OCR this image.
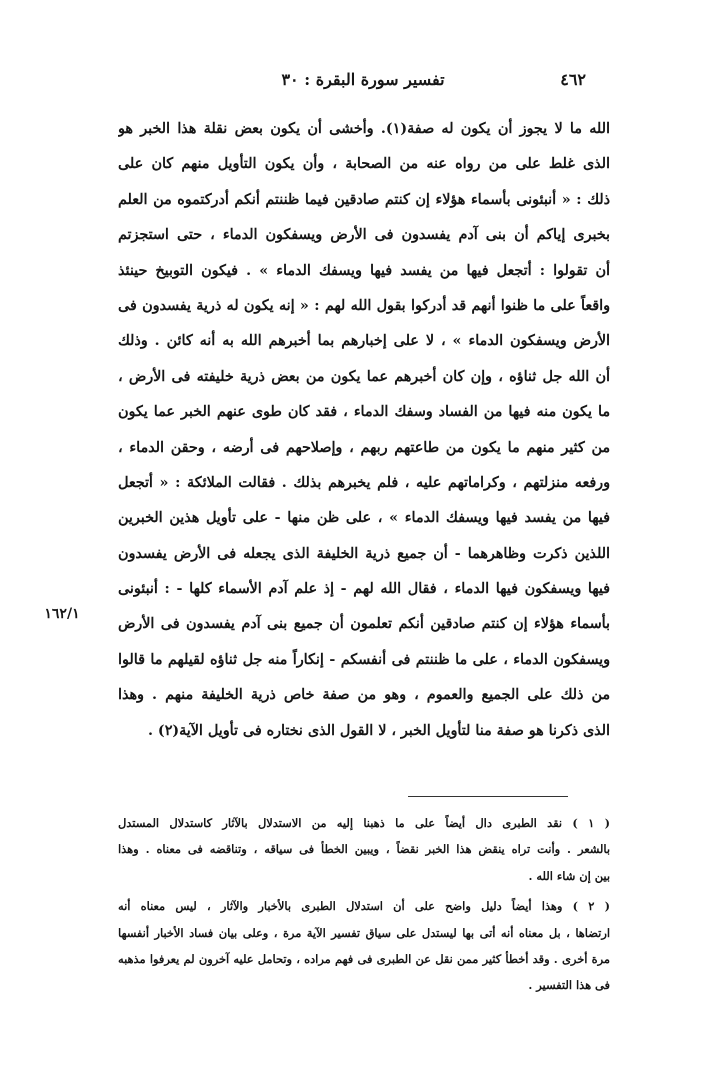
٤٦٢
تفسير سورة البقرة : ٣٠
الله ما لا يجوز أن يكون له صفة(١). وأخشى أن يكون بعض نقلة هذا الخبر هو
الذى غلط على من رواه عنه من الصحابة ، وأن يكون التأويل منهم كان على
ذلك : « أنبئونى بأسماء هؤلاء إن كنتم صادقين فيما ظننتم أنكم أدركتموه من العلم
بخبرى إياكم أن بنى آدم يفسدون فى الأرض ويسفكون الدماء ، حتى استجزتم
أن تقولوا : أتجعل فيها من يفسد فيها ويسفك الدماء » . فيكون التوبيخ حينئذ
واقعاً على ما ظنوا أنهم قد أدركوا بقول الله لهم : « إنه يكون له ذرية يفسدون فى
الأرض ويسفكون الدماء » ، لا على إخبارهم بما أخبرهم الله به أنه كائن . وذلك
أن الله جل ثناؤه ، وإن كان أخبرهم عما يكون من بعض ذرية خليفته فى الأرض ،
ما يكون منه فيها من الفساد وسفك الدماء ، فقد كان طوى عنهم الخبر عما يكون
من كثير منهم ما يكون من طاعتهم ربهم ، وإصلاحهم فى أرضه ، وحقن الدماء ،
ورفعه منزلتهم ، وكراماتهم عليه ، فلم يخبرهم بذلك . فقالت الملائكة : « أتجعل
فيها من يفسد فيها ويسفك الدماء » ، على ظن منها - على تأويل هذين الخبرين
اللذين ذكرت وظاهرهما - أن جميع ذرية الخليفة الذى يجعله فى الأرض يفسدون
فيها ويسفكون فيها الدماء ، فقال الله لهم - إذ علم آدم الأسماء كلها - : أنبئونى
بأسماء هؤلاء إن كنتم صادقين أنكم تعلمون أن جميع بنى آدم يفسدون فى الأرض
ويسفكون الدماء ، على ما ظننتم فى أنفسكم - إنكاراً منه جل ثناؤه لقيلهم ما قالوا
من ذلك على الجميع والعموم ، وهو من صفة خاص ذرية الخليفة منهم . وهذا
الذى ذكرنا هو صفة منا لتأويل الخبر ، لا القول الذى نختاره فى تأويل الآية(٢) .
١٦٢/١
( ١ ) نقد الطبرى دال أيضاً على ما ذهبنا إليه من الاستدلال بالآثار كاستدلال المستدل
بالشعر . وأنت تراه ينقض هذا الخبر نقضاً ، ويبين الخطأ فى سياقه ، وتناقضه فى معناه . وهذا
بين إن شاء الله .
( ٢ ) وهذا أيضاً دليل واضح على أن استدلال الطبرى بالأخبار والآثار ، ليس معناه أنه
ارتضاها ، بل معناه أنه أتى بها ليستدل على سياق تفسير الآية مرة ، وعلى بيان فساد الأخبار أنفسها
مرة أخرى . وقد أخطأ كثير ممن نقل عن الطبرى فى فهم مراده ، وتحامل عليه آخرون لم يعرفوا مذهبه
فى هذا التفسير .
